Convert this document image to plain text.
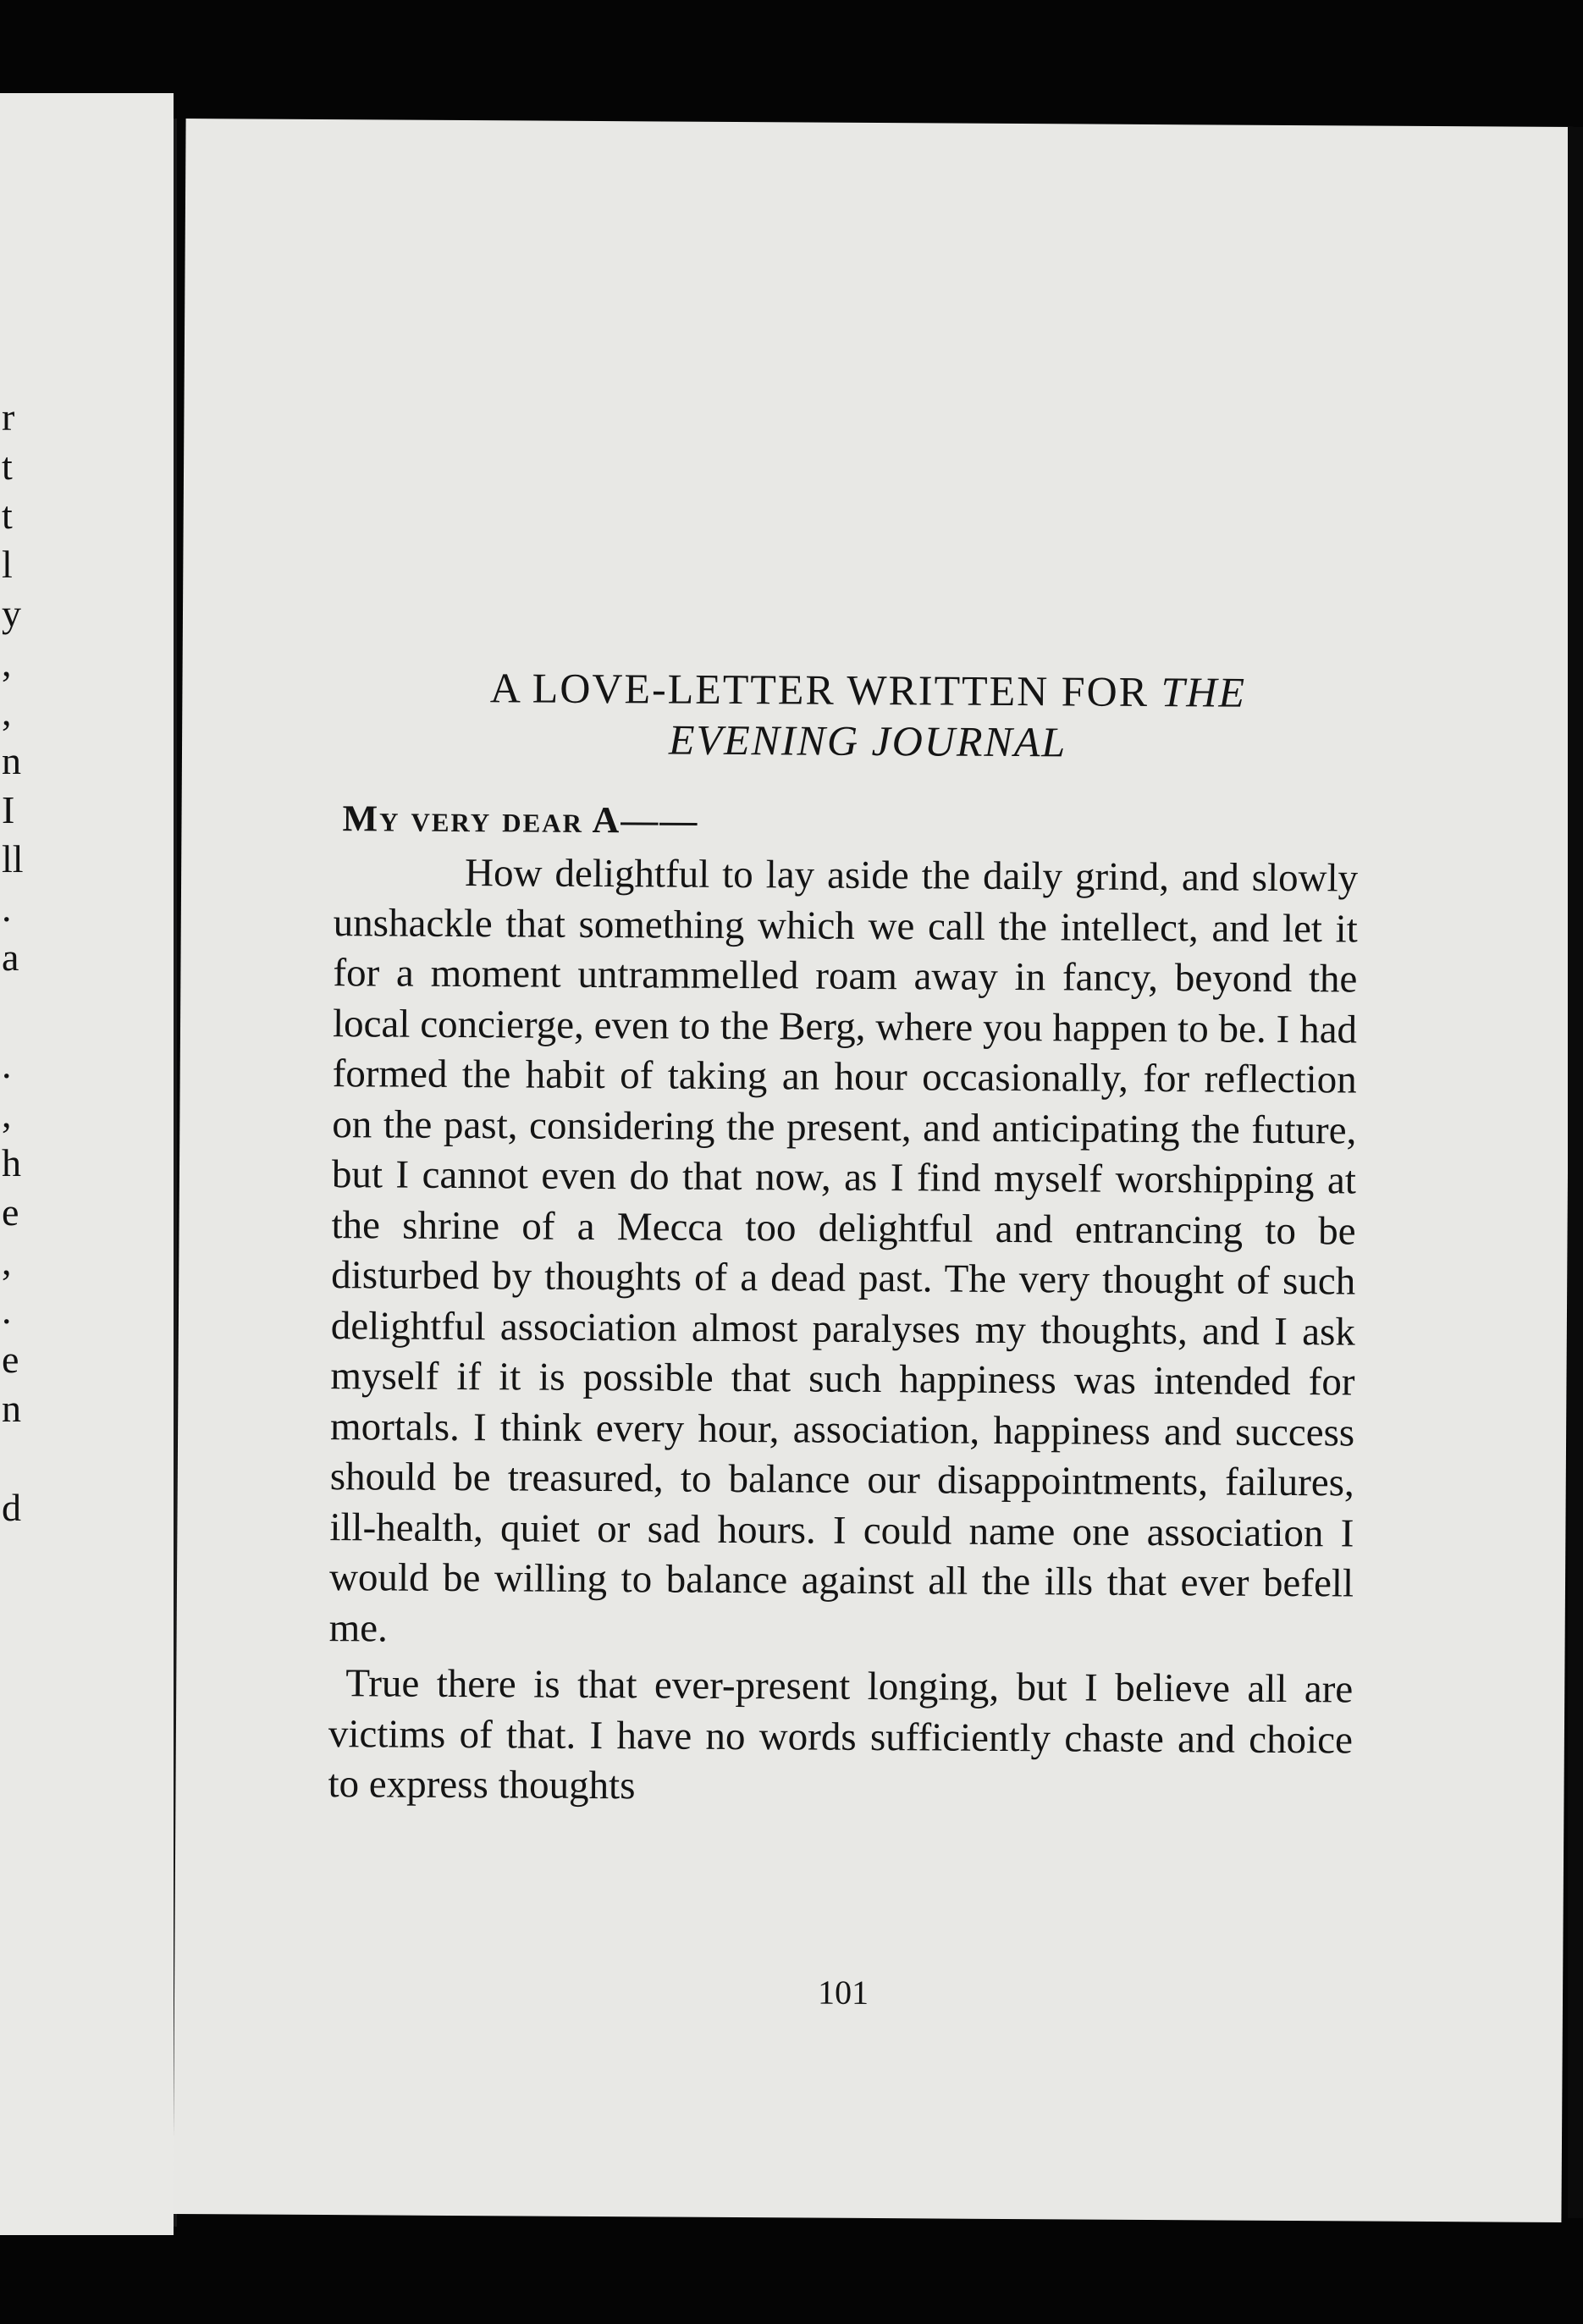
r
t
t
l
y
,
,
n
I
ll
.
a
.
,
h
e
,
.
e
n
d
A LOVE-LETTER WRITTEN FOR THE
EVENING JOURNAL
My very dear A——

How delightful to lay aside the daily grind, and slowly unshackle that something which we call the intellect, and let it for a moment untrammelled roam away in fancy, beyond the local concierge, even to the Berg, where you happen to be. I had formed the habit of taking an hour occasionally, for reflection on the past, considering the present, and anticipating the future, but I cannot even do that now, as I find myself worshipping at the shrine of a Mecca too delightful and entrancing to be disturbed by thoughts of a dead past. The very thought of such delightful association almost paralyses my thoughts, and I ask myself if it is possible that such happiness was intended for mortals. I think every hour, association, happiness and success should be treasured, to balance our disappointments, failures, ill-health, quiet or sad hours. I could name one association I would be willing to balance against all the ills that ever befell me.

True there is that ever-present longing, but I believe all are victims of that. I have no words sufficiently chaste and choice to express thoughts

101
